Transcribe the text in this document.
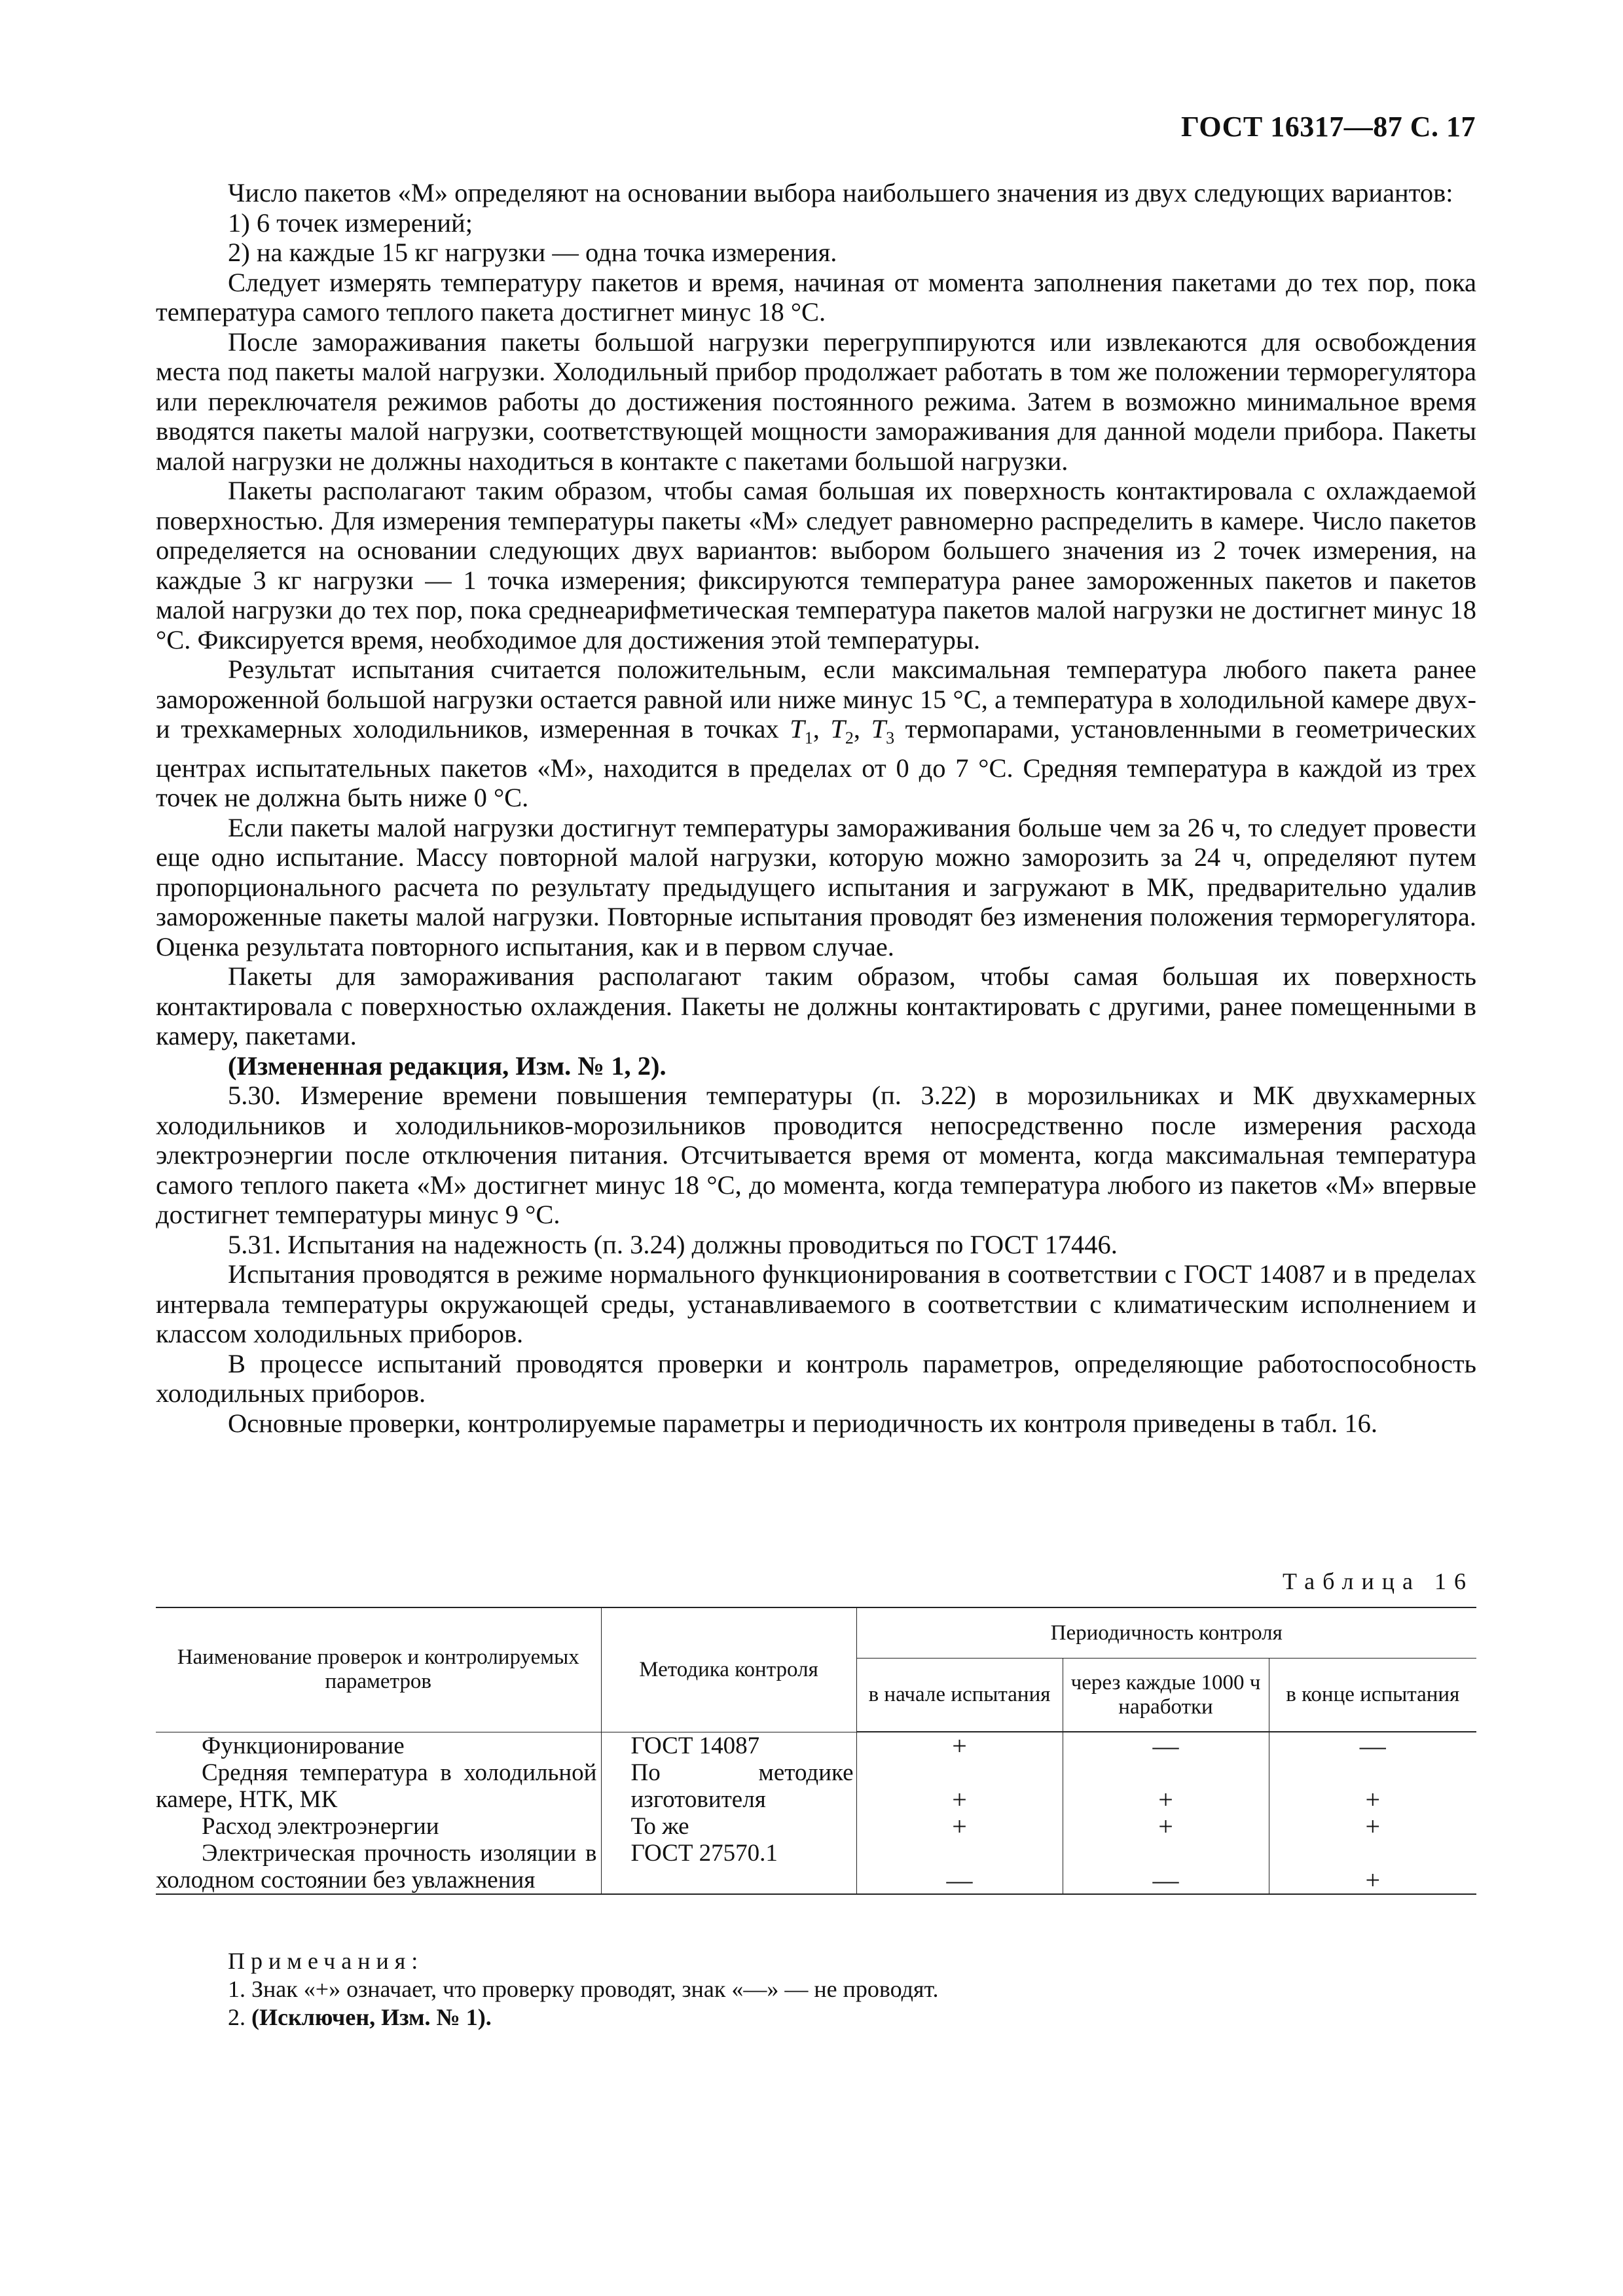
ГОСТ 16317—87 С. 17

Число пакетов «М» определяют на основании выбора наибольшего значения из двух следующих вариантов:

1) 6 точек измерений;

2) на каждые 15 кг нагрузки — одна точка измерения.

Следует измерять температуру пакетов и время, начиная от момента заполнения пакетами до тех пор, пока температура самого теплого пакета достигнет минус 18 °С.

После замораживания пакеты большой нагрузки перегруппируются или извлекаются для освобождения места под пакеты малой нагрузки. Холодильный прибор продолжает работать в том же положении терморегулятора или переключателя режимов работы до достижения постоянного режима. Затем в возможно минимальное время вводятся пакеты малой нагрузки, соответствующей мощности замораживания для данной модели прибора. Пакеты малой нагрузки не должны находиться в контакте с пакетами большой нагрузки.

Пакеты располагают таким образом, чтобы самая большая их поверхность контактировала с охлаждаемой поверхностью. Для измерения температуры пакеты «М» следует равномерно распределить в камере. Число пакетов определяется на основании следующих двух вариантов: выбором большего значения из 2 точек измерения, на каждые 3 кг нагрузки — 1 точка измерения; фиксируются температура ранее замороженных пакетов и пакетов малой нагрузки до тех пор, пока среднеарифметическая температура пакетов малой нагрузки не достигнет минус 18 °С. Фиксируется время, необходимое для достижения этой температуры.

Результат испытания считается положительным, если максимальная температура любого пакета ранее замороженной большой нагрузки остается равной или ниже минус 15 °С, а температура в холодильной камере двух- и трехкамерных холодильников, измеренная в точках $T_1$, $T_2$, $T_3$ термопарами, установленными в геометрических центрах испытательных пакетов «М», находится в пределах от 0 до 7 °С. Средняя температура в каждой из трех точек не должна быть ниже 0 °С.

Если пакеты малой нагрузки достигнут температуры замораживания больше чем за 26 ч, то следует провести еще одно испытание. Массу повторной малой нагрузки, которую можно заморозить за 24 ч, определяют путем пропорционального расчета по результату предыдущего испытания и загружают в МК, предварительно удалив замороженные пакеты малой нагрузки. Повторные испытания проводят без изменения положения терморегулятора. Оценка результата повторного испытания, как и в первом случае.

Пакеты для замораживания располагают таким образом, чтобы самая большая их поверхность контактировала с поверхностью охлаждения. Пакеты не должны контактировать с другими, ранее помещенными в камеру, пакетами.

(Измененная редакция, Изм. № 1, 2).

5.30. Измерение времени повышения температуры (п. 3.22) в морозильниках и МК двухкамерных холодильников и холодильников-морозильников проводится непосредственно после измерения расхода электроэнергии после отключения питания. Отсчитывается время от момента, когда максимальная температура самого теплого пакета «М» достигнет минус 18 °С, до момента, когда температура любого из пакетов «М» впервые достигнет температуры минус 9 °С.

5.31. Испытания на надежность (п. 3.24) должны проводиться по ГОСТ 17446.

Испытания проводятся в режиме нормального функционирования в соответствии с ГОСТ 14087 и в пределах интервала температуры окружающей среды, устанавливаемого в соответствии с климатическим исполнением и классом холодильных приборов.

В процессе испытаний проводятся проверки и контроль параметров, определяющие работоспособность холодильных приборов.

Основные проверки, контролируемые параметры и периодичность их контроля приведены в табл. 16.

Таблица 16
Наименование проверок и контролируемых параметров	Методика контроля	Периодичность контроля		
		в начале испытания	через каждые 1000 ч наработки	в конце испытания

Функционирование	ГОСТ 14087	+	—	—

Средняя температура в холодильной камере, НТК, МК	По методике изготовителя	+	+	+

Расход электроэнергии	То же	+	+	+

Электрическая прочность изоляции в холодном состоянии без увлажнения	ГОСТ 27570.1	—	—	+
Примечания:

1. Знак «+» означает, что проверку проводят, знак «—» — не проводят.

2. (Исключен, Изм. № 1).
